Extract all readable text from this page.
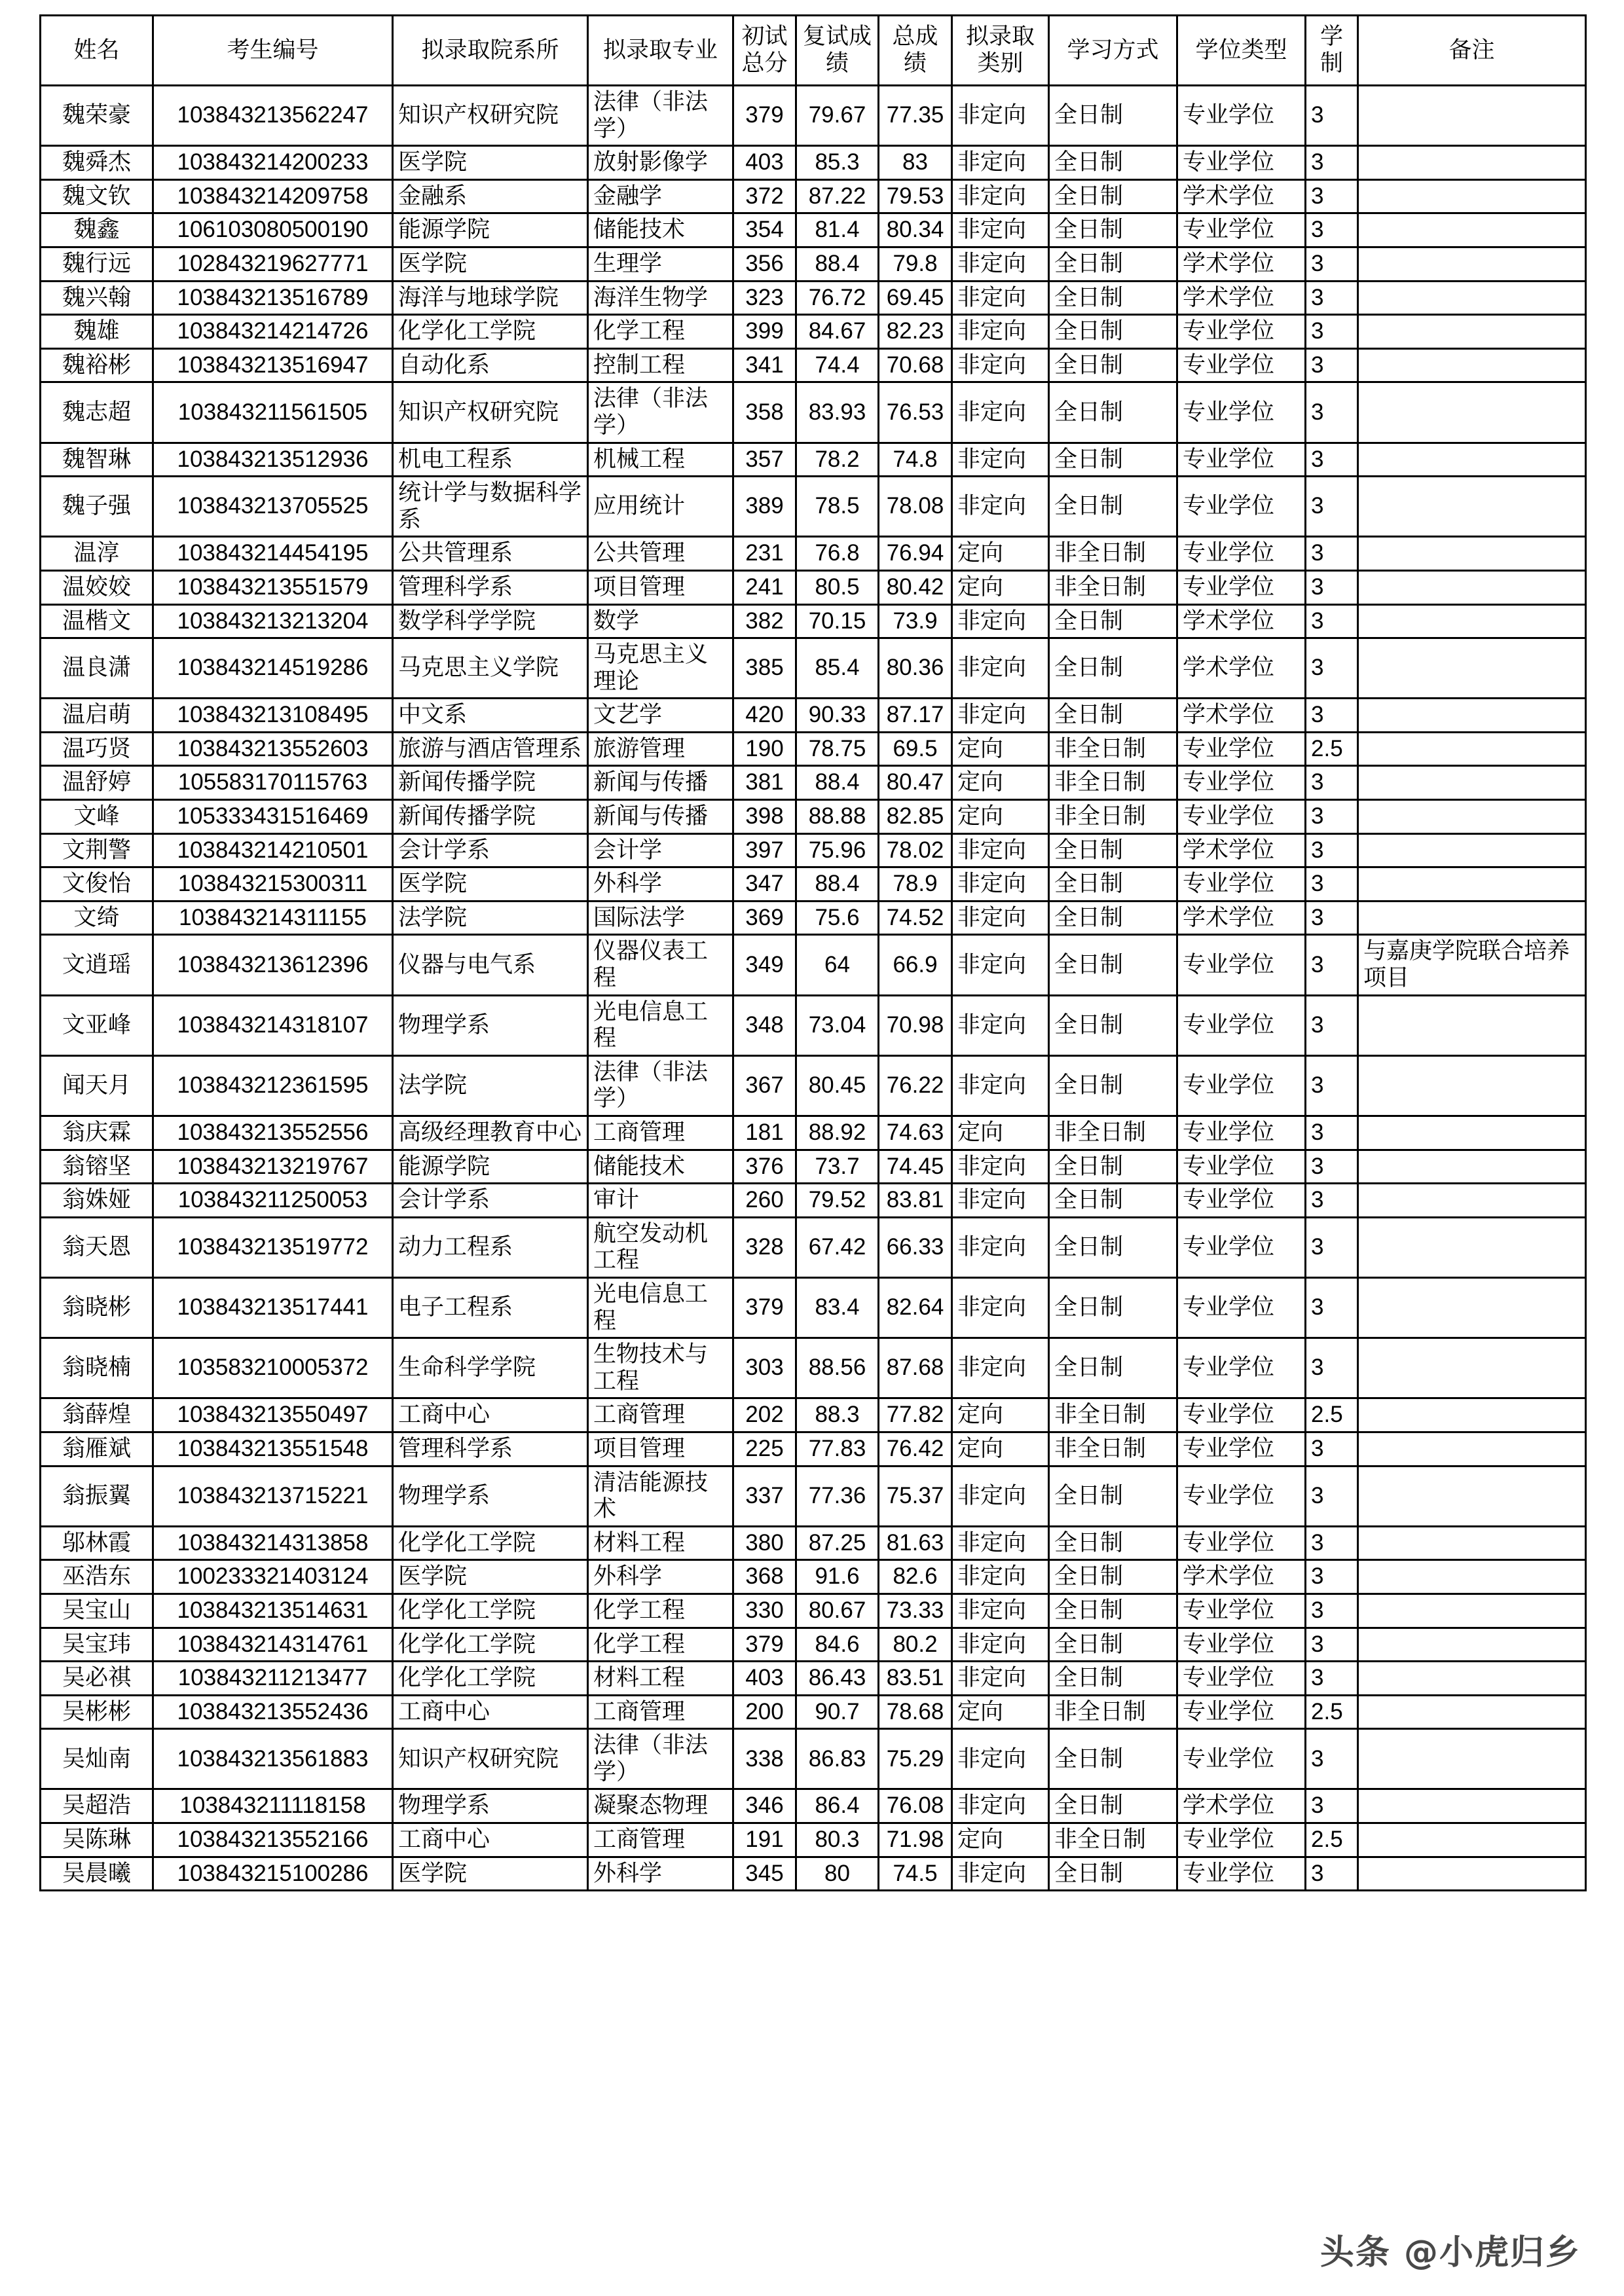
姓名	考生编号	拟录取院系所	拟录取专业	初试总分	复试成绩	总成绩	拟录取类别	学习方式	学位类型	学制	备注
魏荣豪	103843213562247	知识产权研究院	法律（非法学）	379	79.67	77.35	非定向	全日制	专业学位	3	
魏舜杰	103843214200233	医学院	放射影像学	403	85.3	83	非定向	全日制	专业学位	3	
魏文钦	103843214209758	金融系	金融学	372	87.22	79.53	非定向	全日制	学术学位	3	
魏鑫	106103080500190	能源学院	储能技术	354	81.4	80.34	非定向	全日制	专业学位	3	
魏行远	102843219627771	医学院	生理学	356	88.4	79.8	非定向	全日制	学术学位	3	
魏兴翰	103843213516789	海洋与地球学院	海洋生物学	323	76.72	69.45	非定向	全日制	学术学位	3	
魏雄	103843214214726	化学化工学院	化学工程	399	84.67	82.23	非定向	全日制	专业学位	3	
魏裕彬	103843213516947	自动化系	控制工程	341	74.4	70.68	非定向	全日制	专业学位	3	
魏志超	103843211561505	知识产权研究院	法律（非法学）	358	83.93	76.53	非定向	全日制	专业学位	3	
魏智琳	103843213512936	机电工程系	机械工程	357	78.2	74.8	非定向	全日制	专业学位	3	
魏子强	103843213705525	统计学与数据科学系	应用统计	389	78.5	78.08	非定向	全日制	专业学位	3	
温淳	103843214454195	公共管理系	公共管理	231	76.8	76.94	定向	非全日制	专业学位	3	
温姣姣	103843213551579	管理科学系	项目管理	241	80.5	80.42	定向	非全日制	专业学位	3	
温楷文	103843213213204	数学科学学院	数学	382	70.15	73.9	非定向	全日制	学术学位	3	
温良潇	103843214519286	马克思主义学院	马克思主义理论	385	85.4	80.36	非定向	全日制	学术学位	3	
温启萌	103843213108495	中文系	文艺学	420	90.33	87.17	非定向	全日制	学术学位	3	
温巧贤	103843213552603	旅游与酒店管理系	旅游管理	190	78.75	69.5	定向	非全日制	专业学位	2.5	
温舒婷	105583170115763	新闻传播学院	新闻与传播	381	88.4	80.47	定向	非全日制	专业学位	3	
文峰	105333431516469	新闻传播学院	新闻与传播	398	88.88	82.85	定向	非全日制	专业学位	3	
文荆警	103843214210501	会计学系	会计学	397	75.96	78.02	非定向	全日制	学术学位	3	
文俊怡	103843215300311	医学院	外科学	347	88.4	78.9	非定向	全日制	专业学位	3	
文绮	103843214311155	法学院	国际法学	369	75.6	74.52	非定向	全日制	学术学位	3	
文逍瑶	103843213612396	仪器与电气系	仪器仪表工程	349	64	66.9	非定向	全日制	专业学位	3	与嘉庚学院联合培养项目
文亚峰	103843214318107	物理学系	光电信息工程	348	73.04	70.98	非定向	全日制	专业学位	3	
闻天月	103843212361595	法学院	法律（非法学）	367	80.45	76.22	非定向	全日制	专业学位	3	
翁庆霖	103843213552556	高级经理教育中心	工商管理	181	88.92	74.63	定向	非全日制	专业学位	3	
翁镕坚	103843213219767	能源学院	储能技术	376	73.7	74.45	非定向	全日制	专业学位	3	
翁姝娅	103843211250053	会计学系	审计	260	79.52	83.81	非定向	全日制	专业学位	3	
翁天恩	103843213519772	动力工程系	航空发动机工程	328	67.42	66.33	非定向	全日制	专业学位	3	
翁晓彬	103843213517441	电子工程系	光电信息工程	379	83.4	82.64	非定向	全日制	专业学位	3	
翁晓楠	103583210005372	生命科学学院	生物技术与工程	303	88.56	87.68	非定向	全日制	专业学位	3	
翁薛煌	103843213550497	工商中心	工商管理	202	88.3	77.82	定向	非全日制	专业学位	2.5	
翁雁斌	103843213551548	管理科学系	项目管理	225	77.83	76.42	定向	非全日制	专业学位	3	
翁振翼	103843213715221	物理学系	清洁能源技术	337	77.36	75.37	非定向	全日制	专业学位	3	
邬林霞	103843214313858	化学化工学院	材料工程	380	87.25	81.63	非定向	全日制	专业学位	3	
巫浩东	100233321403124	医学院	外科学	368	91.6	82.6	非定向	全日制	学术学位	3	
吴宝山	103843213514631	化学化工学院	化学工程	330	80.67	73.33	非定向	全日制	专业学位	3	
吴宝玮	103843214314761	化学化工学院	化学工程	379	84.6	80.2	非定向	全日制	专业学位	3	
吴必祺	103843211213477	化学化工学院	材料工程	403	86.43	83.51	非定向	全日制	专业学位	3	
吴彬彬	103843213552436	工商中心	工商管理	200	90.7	78.68	定向	非全日制	专业学位	2.5	
吴灿南	103843213561883	知识产权研究院	法律（非法学）	338	86.83	75.29	非定向	全日制	专业学位	3	
吴超浩	103843211118158	物理学系	凝聚态物理	346	86.4	76.08	非定向	全日制	学术学位	3	
吴陈琳	103843213552166	工商中心	工商管理	191	80.3	71.98	定向	非全日制	专业学位	2.5	
吴晨曦	103843215100286	医学院	外科学	345	80	74.5	非定向	全日制	专业学位	3	
头条 @小虎归乡
